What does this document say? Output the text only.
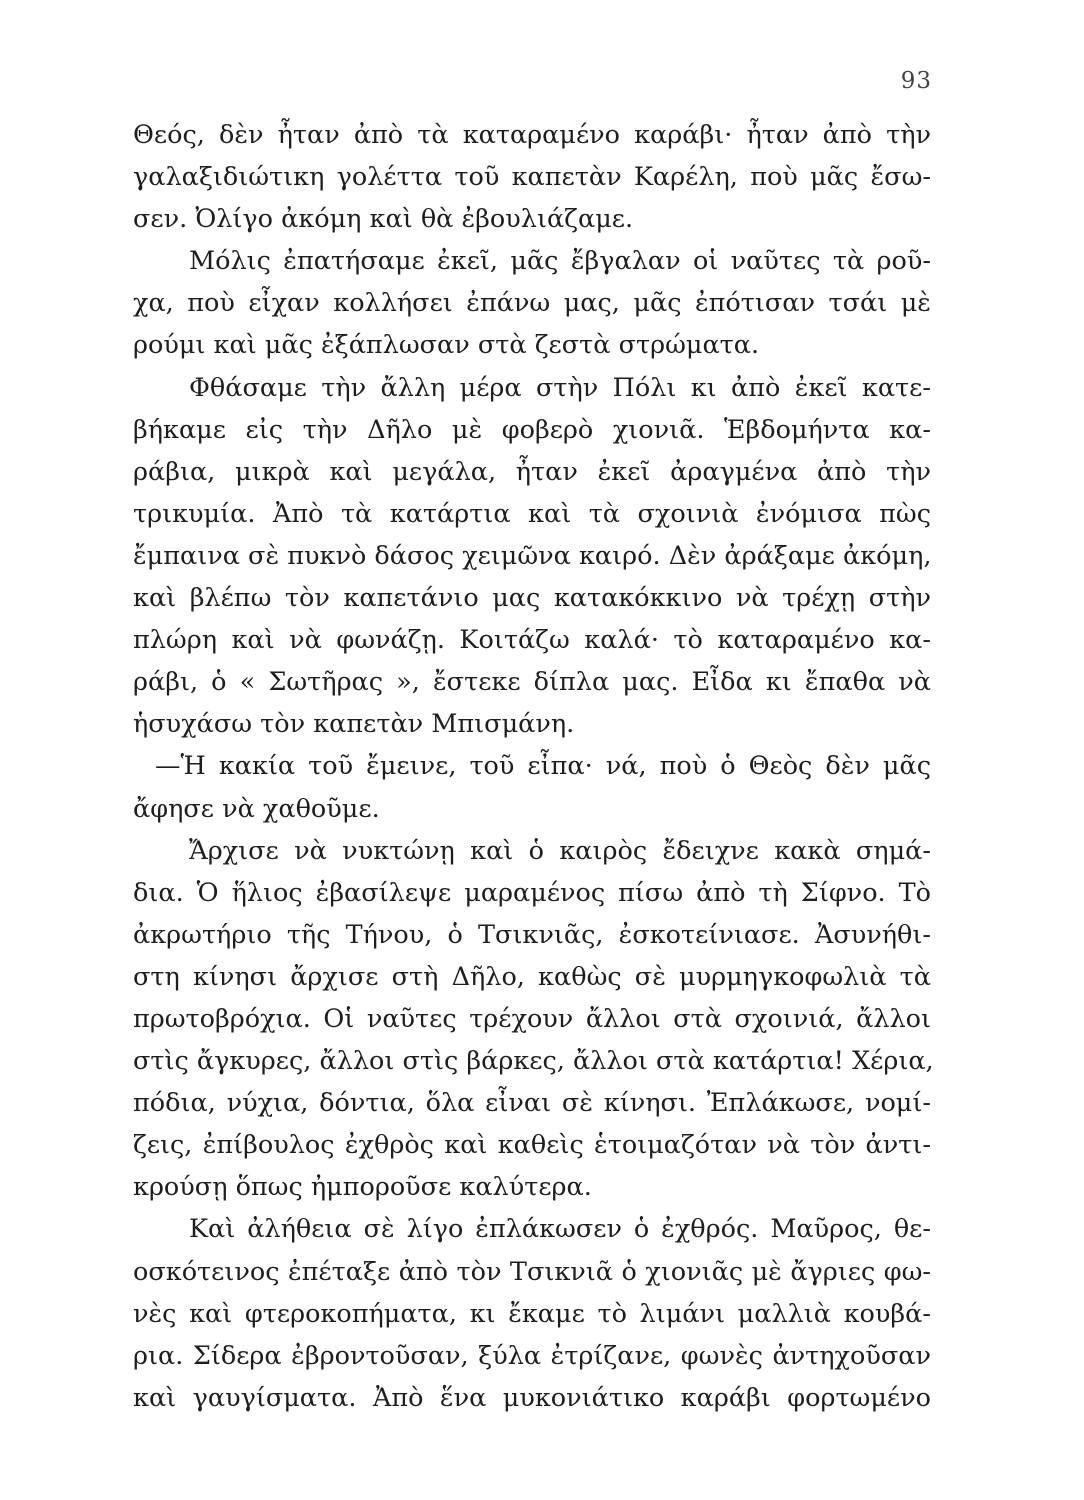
93
Θεός, δὲν ἦταν ἀπὸ τὰ καταραμένο καράβι· ἦταν ἀπὸ τὴν
γαλαξιδιώτικη γολέττα τοῦ καπετὰν Καρέλη, ποὺ μᾶς ἔσω-
σεν. Ὀλίγο ἀκόμη καὶ θὰ ἐβουλιάζαμε.
Μόλις ἐπατήσαμε ἐκεῖ, μᾶς ἔβγαλαν οἱ ναῦτες τὰ ροῦ-
χα, ποὺ εἶχαν κολλήσει ἐπάνω μας, μᾶς ἐπότισαν τσάι μὲ
ρούμι καὶ μᾶς ἐξάπλωσαν στὰ ζεστὰ στρώματα.
Φθάσαμε τὴν ἄλλη μέρα στὴν Πόλι κι ἀπὸ ἐκεῖ κατε-
βήκαμε εἰς τὴν Δῆλο μὲ φοβερὸ χιονιᾶ. Ἑβδομήντα κα-
ράβια, μικρὰ καὶ μεγάλα, ἦταν ἐκεῖ ἀραγμένα ἀπὸ τὴν
τρικυμία. Ἀπὸ τὰ κατάρτια καὶ τὰ σχοινιὰ ἐνόμισα πὼς
ἔμπαινα σὲ πυκνὸ δάσος χειμῶνα καιρό. Δὲν ἀράξαμε ἀκόμη,
καὶ βλέπω τὸν καπετάνιο μας κατακόκκινο νὰ τρέχῃ στὴν
πλώρη καὶ νὰ φωνάζῃ. Κοιτάζω καλά· τὸ καταραμένο κα-
ράβι, ὁ « Σωτῆρας », ἔστεκε δίπλα μας. Εἶδα κι ἔπαθα νὰ
ἡσυχάσω τὸν καπετὰν Μπισμάνη.
—Ἡ κακία τοῦ ἔμεινε, τοῦ εἶπα· νά, ποὺ ὁ Θεὸς δὲν μᾶς
ἄφησε νὰ χαθοῦμε.
Ἄρχισε νὰ νυκτώνῃ καὶ ὁ καιρὸς ἔδειχνε κακὰ σημά-
δια. Ὁ ἥλιος ἐβασίλεψε μαραμένος πίσω ἀπὸ τὴ Σίφνο. Τὸ
ἀκρωτήριο τῆς Τήνου, ὁ Τσικνιᾶς, ἐσκοτείνιασε. Ἀσυνήθι-
στη κίνησι ἄρχισε στὴ Δῆλο, καθὼς σὲ μυρμηγκοφωλιὰ τὰ
πρωτοβρόχια. Οἱ ναῦτες τρέχουν ἄλλοι στὰ σχοινιά, ἄλλοι
στὶς ἄγκυρες, ἄλλοι στὶς βάρκες, ἄλλοι στὰ κατάρτια! Χέρια,
πόδια, νύχια, δόντια, ὅλα εἶναι σὲ κίνησι. Ἐπλάκωσε, νομί-
ζεις, ἐπίβουλος ἐχθρὸς καὶ καθεὶς ἑτοιμαζόταν νὰ τὸν ἀντι-
κρούσῃ ὅπως ἠμποροῦσε καλύτερα.
Καὶ ἀλήθεια σὲ λίγο ἐπλάκωσεν ὁ ἐχθρός. Μαῦρος, θε-
οσκότεινος ἐπέταξε ἀπὸ τὸν Τσικνιᾶ ὁ χιονιᾶς μὲ ἄγριες φω-
νὲς καὶ φτεροκοπήματα, κι ἔκαμε τὸ λιμάνι μαλλιὰ κουβά-
ρια. Σίδερα ἐβροντοῦσαν, ξύλα ἐτρίζανε, φωνὲς ἀντηχοῦσαν
καὶ γαυγίσματα. Ἀπὸ ἕνα μυκονιάτικο καράβι φορτωμένο
